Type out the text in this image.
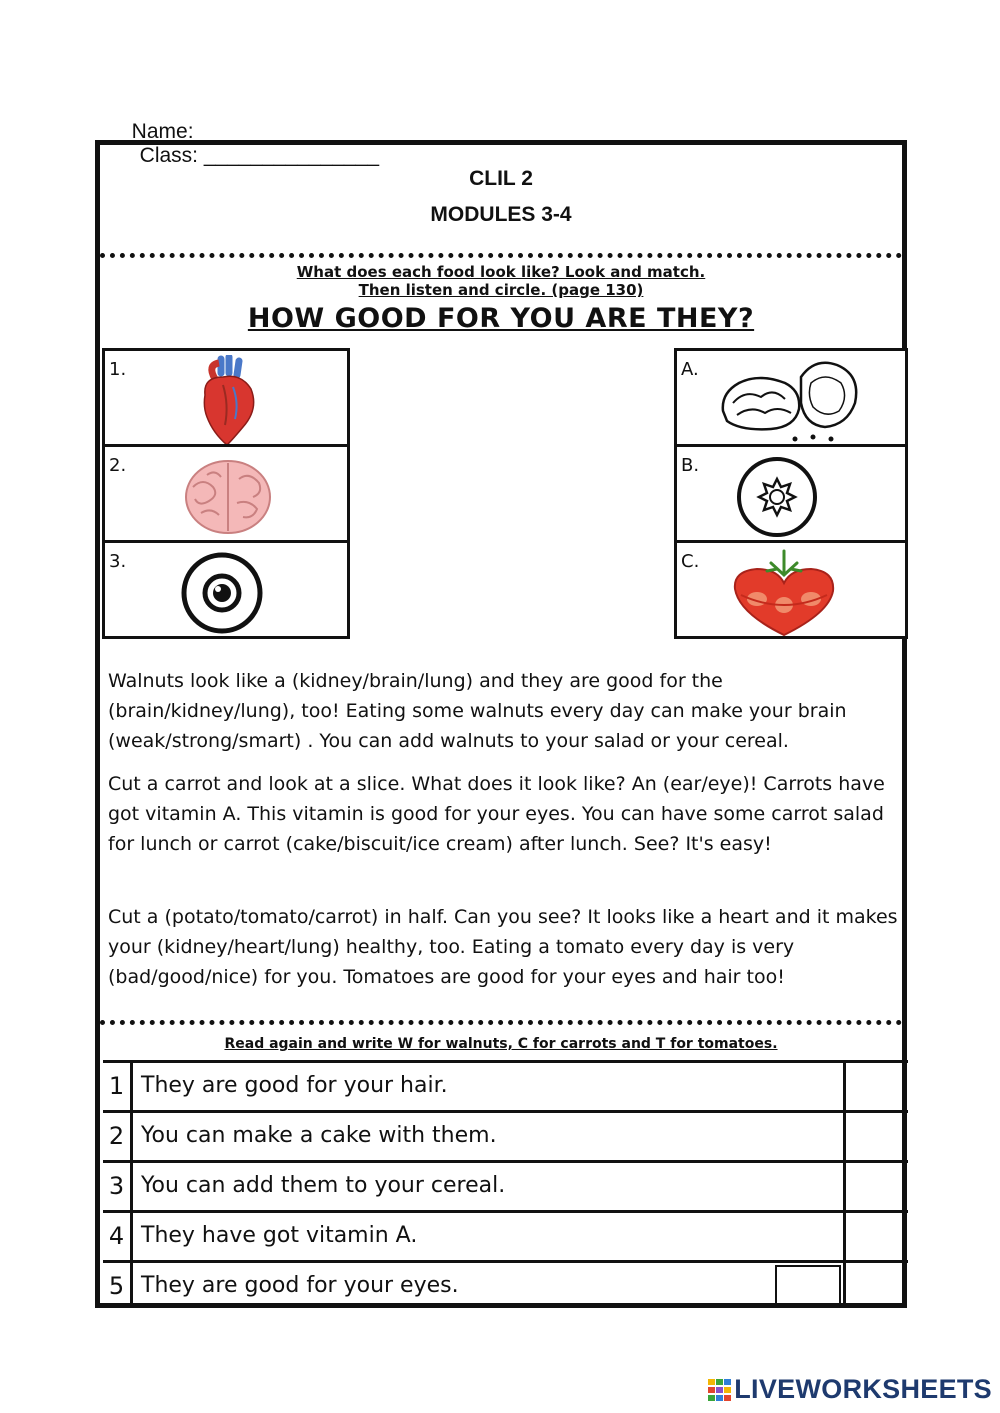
Name: __________________________________
Class: _______________

CLIL 2
MODULES 3-4
What does each food look like? Look and match.
Then listen and circle. (page 130)
HOW GOOD FOR YOU ARE THEY?
1.
2.
3.
A.
B.
C.
Walnuts look like a (kidney/brain/lung) and they are good for the (brain/kidney/lung), too! Eating some walnuts every day can make your brain (weak/strong/smart) . You can add walnuts to your salad or your cereal.
Cut a carrot and look at a slice. What does it look like? An (ear/eye)! Carrots have got vitamin A. This vitamin is good for your eyes. You can have some carrot salad for lunch or carrot (cake/biscuit/ice cream) after lunch. See? It's easy!
Cut a (potato/tomato/carrot) in half. Can you see? It looks like a heart and it makes your (kidney/heart/lung) healthy, too. Eating a tomato every day is very (bad/good/nice) for you. Tomatoes are good for your eyes and hair too!
Read again and write W for walnuts, C for carrots and T for tomatoes.
1 They are good for your hair.
2 You can make a cake with them.
3 You can add them to your cereal.
4 They have got vitamin A.
5 They are good for your eyes.
LIVEWORKSHEETS
